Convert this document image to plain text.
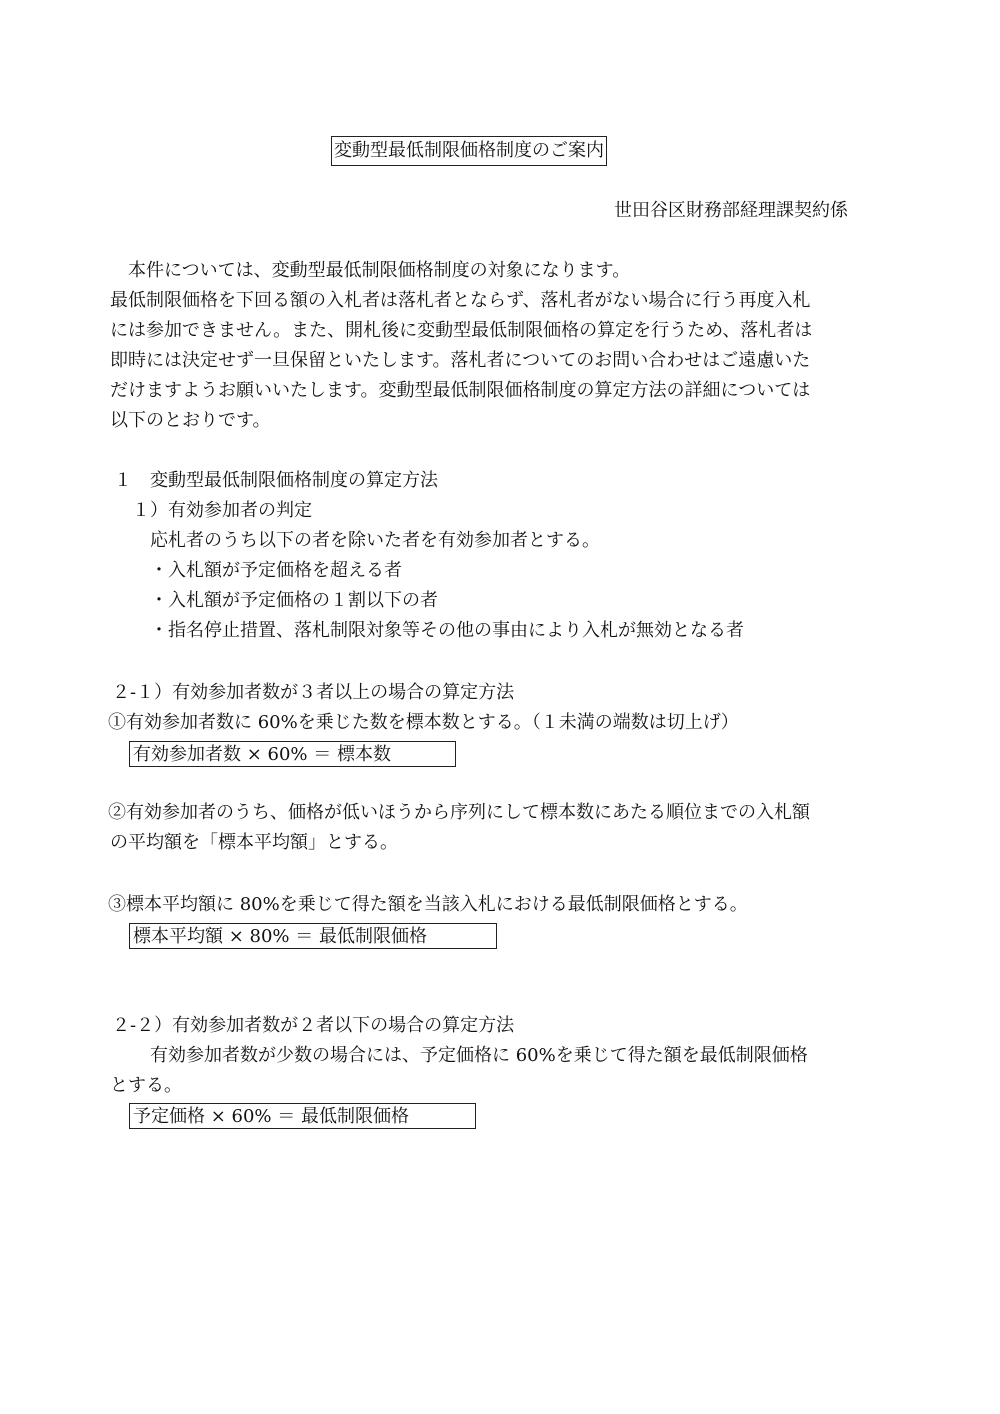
変動型最低制限価格制度のご案内
世田谷区財務部経理課契約係
本件については、変動型最低制限価格制度の対象になります。
最低制限価格を下回る額の入札者は落札者とならず、落札者がない場合に行う再度入札
には参加できません。また、開札後に変動型最低制限価格の算定を行うため、落札者は
即時には決定せず一旦保留といたします。落札者についてのお問い合わせはご遠慮いた
だけますようお願いいたします。変動型最低制限価格制度の算定方法の詳細については
以下のとおりです。
１　変動型最低制限価格制度の算定方法
１）有効参加者の判定
応札者のうち以下の者を除いた者を有効参加者とする。
・入札額が予定価格を超える者
・入札額が予定価格の１割以下の者
・指名停止措置、落札制限対象等その他の事由により入札が無効となる者
２‐１）有効参加者数が３者以上の場合の算定方法
①有効参加者数に 60%を乗じた数を標本数とする。（１未満の端数は切上げ）
有効参加者数 × 60% ＝ 標本数
②有効参加者のうち、価格が低いほうから序列にして標本数にあたる順位までの入札額
の平均額を「標本平均額」とする。
③標本平均額に 80%を乗じて得た額を当該入札における最低制限価格とする。
標本平均額 × 80% ＝ 最低制限価格
２‐２）有効参加者数が２者以下の場合の算定方法
有効参加者数が少数の場合には、予定価格に 60%を乗じて得た額を最低制限価格
とする。
予定価格 × 60% ＝ 最低制限価格
